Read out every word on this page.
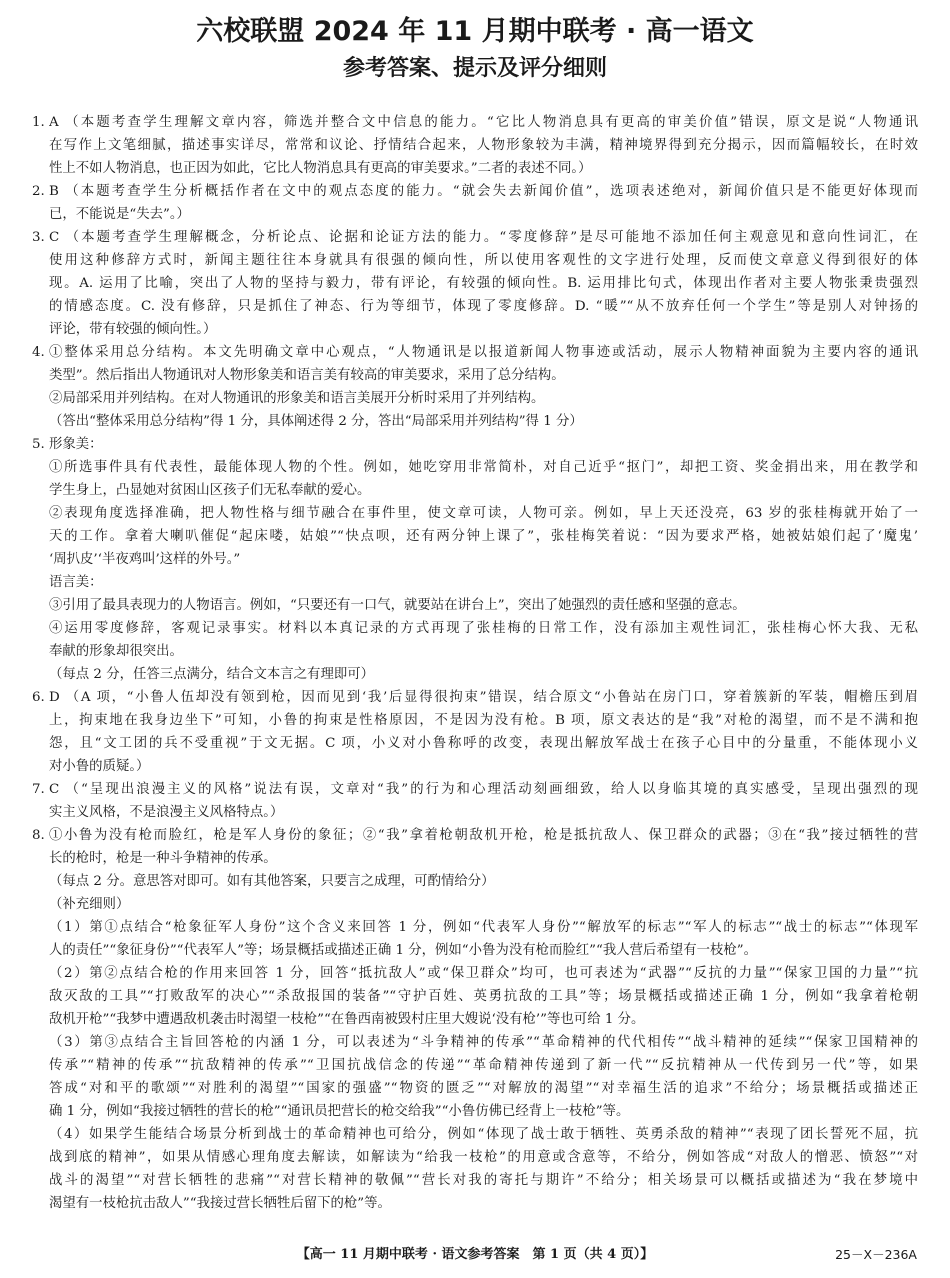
六校联盟 2024 年 11 月期中联考 · 高一语文
参考答案、提示及评分细则
1. A （本题考查学生理解文章内容，筛选并整合文中信息的能力。“它比人物消息具有更高的审美价值”错误，原文是说“人物通讯
在写作上文笔细腻，描述事实详尽，常常和议论、抒情结合起来，人物形象较为丰满，精神境界得到充分揭示，因而篇幅较长，在时效
性上不如人物消息，也正因为如此，它比人物消息具有更高的审美要求。”二者的表述不同。）
2. B （本题考查学生分析概括作者在文中的观点态度的能力。“就会失去新闻价值”，选项表述绝对，新闻价值只是不能更好体现而
已，不能说是“失去”。）
3. C （本题考查学生理解概念，分析论点、论据和论证方法的能力。“零度修辞”是尽可能地不添加任何主观意见和意向性词汇，在
使用这种修辞方式时，新闻主题往往本身就具有很强的倾向性，所以使用客观性的文字进行处理，反而使文章意义得到很好的体
现。A. 运用了比喻，突出了人物的坚持与毅力，带有评论，有较强的倾向性。B. 运用排比句式，体现出作者对主要人物张秉贵强烈
的情感态度。C. 没有修辞，只是抓住了神态、行为等细节，体现了零度修辞。D. “暖”“从不放弃任何一个学生”等是别人对钟扬的
评论，带有较强的倾向性。）
4. ①整体采用总分结构。本文先明确文章中心观点，“人物通讯是以报道新闻人物事迹或活动，展示人物精神面貌为主要内容的通讯
类型”。然后指出人物通讯对人物形象美和语言美有较高的审美要求，采用了总分结构。
②局部采用并列结构。在对人物通讯的形象美和语言美展开分析时采用了并列结构。
（答出“整体采用总分结构”得 1 分，具体阐述得 2 分，答出“局部采用并列结构”得 1 分）
5. 形象美：
①所选事件具有代表性，最能体现人物的个性。例如，她吃穿用非常简朴，对自己近乎“抠门”，却把工资、奖金捐出来，用在教学和
学生身上，凸显她对贫困山区孩子们无私奉献的爱心。
②表现角度选择准确，把人物性格与细节融合在事件里，使文章可读，人物可亲。例如，早上天还没亮，63 岁的张桂梅就开始了一
天的工作。拿着大喇叭催促“起床喽，姑娘”“快点呗，还有两分钟上课了”，张桂梅笑着说：“因为要求严格，她被姑娘们起了‘魔鬼’
‘周扒皮’‘半夜鸡叫’这样的外号。”
语言美：
③引用了最具表现力的人物语言。例如，“只要还有一口气，就要站在讲台上”，突出了她强烈的责任感和坚强的意志。
④运用零度修辞，客观记录事实。材料以本真记录的方式再现了张桂梅的日常工作，没有添加主观性词汇，张桂梅心怀大我、无私
奉献的形象却很突出。
（每点 2 分，任答三点满分，结合文本言之有理即可）
6. D （A 项，“小鲁人伍却没有领到枪，因而见到‘我’后显得很拘束”错误，结合原文“小鲁站在房门口，穿着簇新的军装，帽檐压到眉
上，拘束地在我身边坐下”可知，小鲁的拘束是性格原因，不是因为没有枪。B 项，原文表达的是“我”对枪的渴望，而不是不满和抱
怨，且“文工团的兵不受重视”于文无据。C 项，小义对小鲁称呼的改变，表现出解放军战士在孩子心目中的分量重，不能体现小义
对小鲁的质疑。）
7. C （“呈现出浪漫主义的风格”说法有误，文章对“我”的行为和心理活动刻画细致，给人以身临其境的真实感受，呈现出强烈的现
实主义风格，不是浪漫主义风格特点。）
8. ①小鲁为没有枪而脸红，枪是军人身份的象征；②“我”拿着枪朝敌机开枪，枪是抵抗敌人、保卫群众的武器；③在“我”接过牺牲的营
长的枪时，枪是一种斗争精神的传承。
（每点 2 分。意思答对即可。如有其他答案，只要言之成理，可酌情给分）
（补充细则）
（1）第①点结合“枪象征军人身份”这个含义来回答 1 分，例如“代表军人身份”“解放军的标志”“军人的标志”“战士的标志”“体现军
人的责任”“象征身份”“代表军人”等；场景概括或描述正确 1 分，例如“小鲁为没有枪而脸红”“我人营后希望有一枝枪”。
（2）第②点结合枪的作用来回答 1 分，回答“抵抗敌人”或“保卫群众”均可，也可表述为“武器”“反抗的力量”“保家卫国的力量”“抗
敌灭敌的工具”“打败敌军的决心”“杀敌报国的装备”“守护百姓、英勇抗敌的工具”等；场景概括或描述正确 1 分，例如“我拿着枪朝
敌机开枪”“我梦中遭遇敌机袭击时渴望一枝枪”“在鲁西南被毁村庄里大嫂说‘没有枪’”等也可给 1 分。
（3）第③点结合主旨回答枪的内涵 1 分，可以表述为“斗争精神的传承”“革命精神的代代相传”“战斗精神的延续”“保家卫国精神的
传承”“精神的传承”“抗敌精神的传承”“卫国抗战信念的传递”“革命精神传递到了新一代”“反抗精神从一代传到另一代”等，如果
答成“对和平的歌颂”“对胜利的渴望”“国家的强盛”“物资的匮乏”“对解放的渴望”“对幸福生活的追求”不给分；场景概括或描述正
确 1 分，例如“我接过牺牲的营长的枪”“通讯员把营长的枪交给我”“小鲁仿佛已经背上一枝枪”等。
（4）如果学生能结合场景分析到战士的革命精神也可给分，例如“体现了战士敢于牺牲、英勇杀敌的精神”“表现了团长誓死不屈，抗
战到底的精神”，如果从情感心理角度去解读，如解读为“给我一枝枪”的用意或含意等，不给分，例如答成“对敌人的憎恶、愤怒”“对
战斗的渴望”“对营长牺牲的悲痛”“对营长精神的敬佩”“营长对我的寄托与期许”不给分；相关场景可以概括或描述为“我在梦境中
渴望有一枝枪抗击敌人”“我接过营长牺牲后留下的枪”等。
【高一 11 月期中联考 · 语文参考答案　第 1 页（共 4 页）】	25－X－236A
